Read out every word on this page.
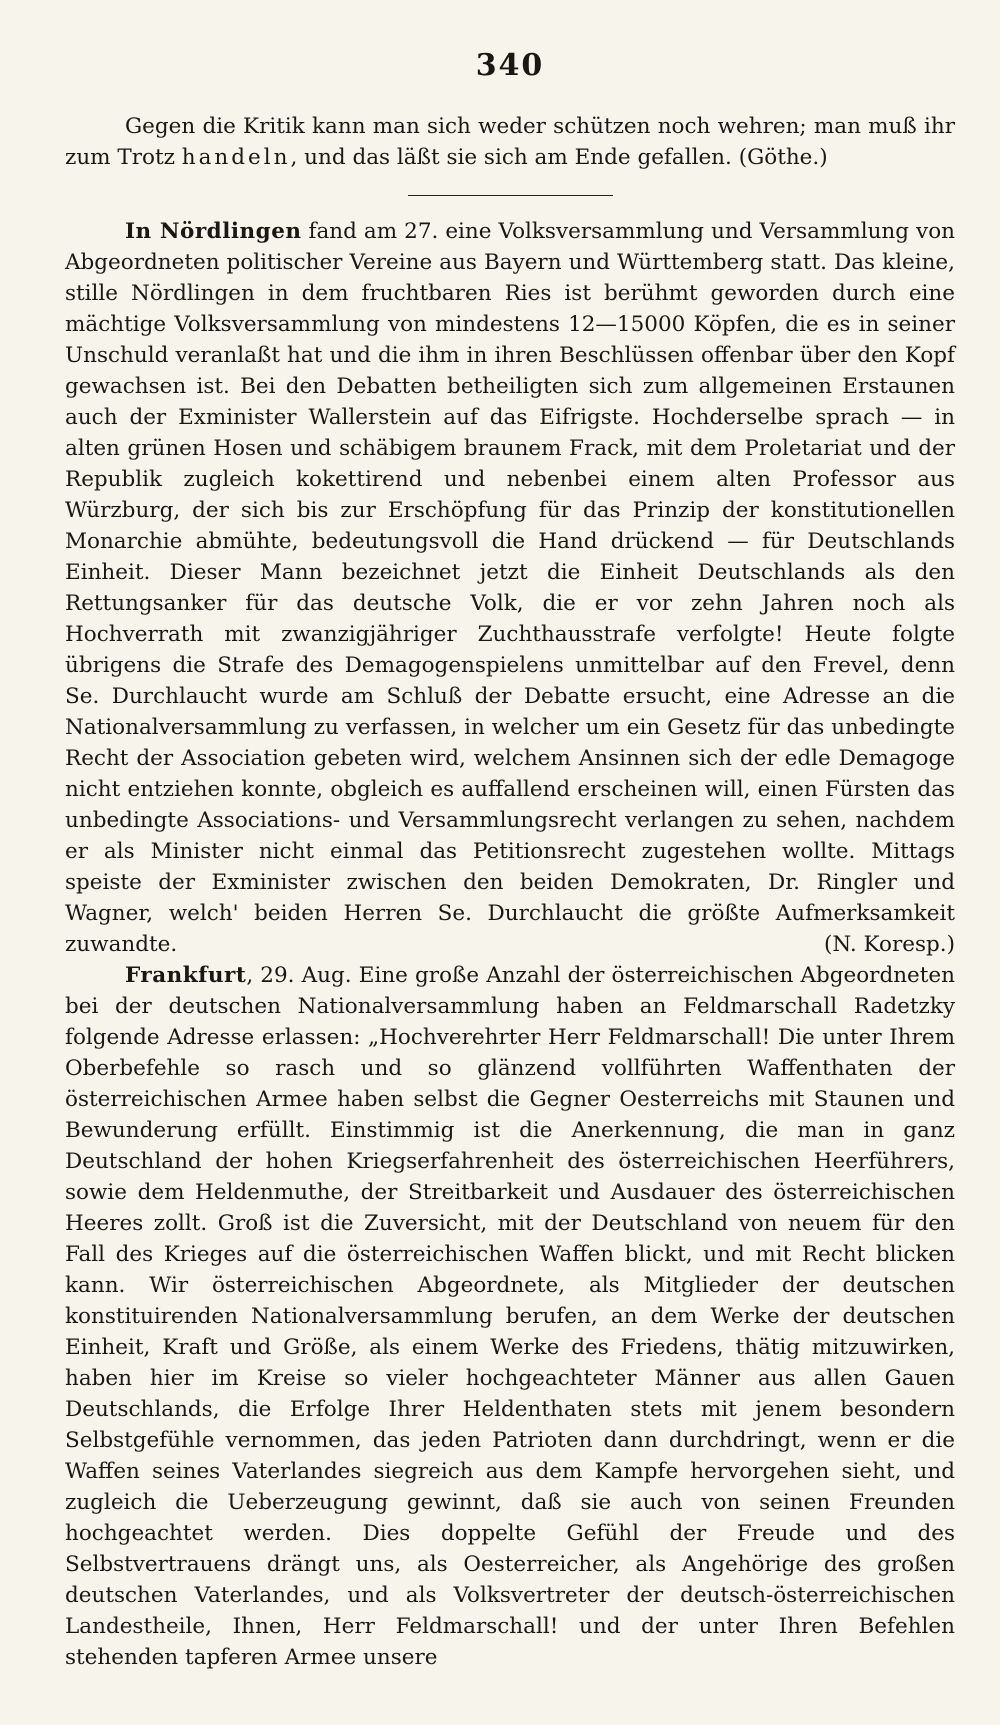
340

Gegen die Kritik kann man sich weder schützen noch wehren; man muß ihr zum Trotz handeln, und das läßt sie sich am Ende gefallen. (Göthe.)

In Nördlingen fand am 27. eine Volksversammlung und Versammlung von Abgeordneten politischer Vereine aus Bayern und Württemberg statt. Das kleine, stille Nördlingen in dem fruchtbaren Ries ist berühmt geworden durch eine mächtige Volksversammlung von mindestens 12—15000 Köpfen, die es in seiner Unschuld veranlaßt hat und die ihm in ihren Beschlüssen offenbar über den Kopf gewachsen ist. Bei den Debatten betheiligten sich zum allgemeinen Erstaunen auch der Exminister Wallerstein auf das Eifrigste. Hochderselbe sprach — in alten grünen Hosen und schäbigem braunem Frack, mit dem Proletariat und der Republik zugleich kokettirend und nebenbei einem alten Professor aus Würzburg, der sich bis zur Erschöpfung für das Prinzip der konstitutionellen Monarchie abmühte, bedeutungsvoll die Hand drückend — für Deutschlands Einheit. Dieser Mann bezeichnet jetzt die Einheit Deutschlands als den Rettungsanker für das deutsche Volk, die er vor zehn Jahren noch als Hochverrath mit zwanzigjähriger Zuchthausstrafe verfolgte! Heute folgte übrigens die Strafe des Demagogenspielens unmittelbar auf den Frevel, denn Se. Durchlaucht wurde am Schluß der Debatte ersucht, eine Adresse an die Nationalversammlung zu verfassen, in welcher um ein Gesetz für das unbedingte Recht der Association gebeten wird, welchem Ansinnen sich der edle Demagoge nicht entziehen konnte, obgleich es auffallend erscheinen will, einen Fürsten das unbedingte Associations- und Versammlungsrecht verlangen zu sehen, nachdem er als Minister nicht einmal das Petitionsrecht zugestehen wollte. Mittags speiste der Exminister zwischen den beiden Demokraten, Dr. Ringler und Wagner, welch' beiden Herren Se. Durchlaucht die größte Aufmerksamkeit zuwandte.	(N. Koresp.)

Frankfurt, 29. Aug. Eine große Anzahl der österreichischen Abgeordneten bei der deutschen Nationalversammlung haben an Feldmarschall Radetzky folgende Adresse erlassen: „Hochverehrter Herr Feldmarschall! Die unter Ihrem Oberbefehle so rasch und so glänzend vollführten Waffenthaten der österreichischen Armee haben selbst die Gegner Oesterreichs mit Staunen und Bewunderung erfüllt. Einstimmig ist die Anerkennung, die man in ganz Deutschland der hohen Kriegserfahrenheit des österreichischen Heerführers, sowie dem Heldenmuthe, der Streitbarkeit und Ausdauer des österreichischen Heeres zollt. Groß ist die Zuversicht, mit der Deutschland von neuem für den Fall des Krieges auf die österreichischen Waffen blickt, und mit Recht blicken kann. Wir österreichischen Abgeordnete, als Mitglieder der deutschen konstituirenden Nationalversammlung berufen, an dem Werke der deutschen Einheit, Kraft und Größe, als einem Werke des Friedens, thätig mitzuwirken, haben hier im Kreise so vieler hochgeachteter Männer aus allen Gauen Deutschlands, die Erfolge Ihrer Heldenthaten stets mit jenem besondern Selbstgefühle vernommen, das jeden Patrioten dann durchdringt, wenn er die Waffen seines Vaterlandes siegreich aus dem Kampfe hervorgehen sieht, und zugleich die Ueberzeugung gewinnt, daß sie auch von seinen Freunden hochgeachtet werden. Dies doppelte Gefühl der Freude und des Selbstvertrauens drängt uns, als Oesterreicher, als Angehörige des großen deutschen Vaterlandes, und als Volksvertreter der deutsch-österreichischen Landestheile, Ihnen, Herr Feldmarschall! und der unter Ihren Befehlen stehenden tapferen Armee unsere
